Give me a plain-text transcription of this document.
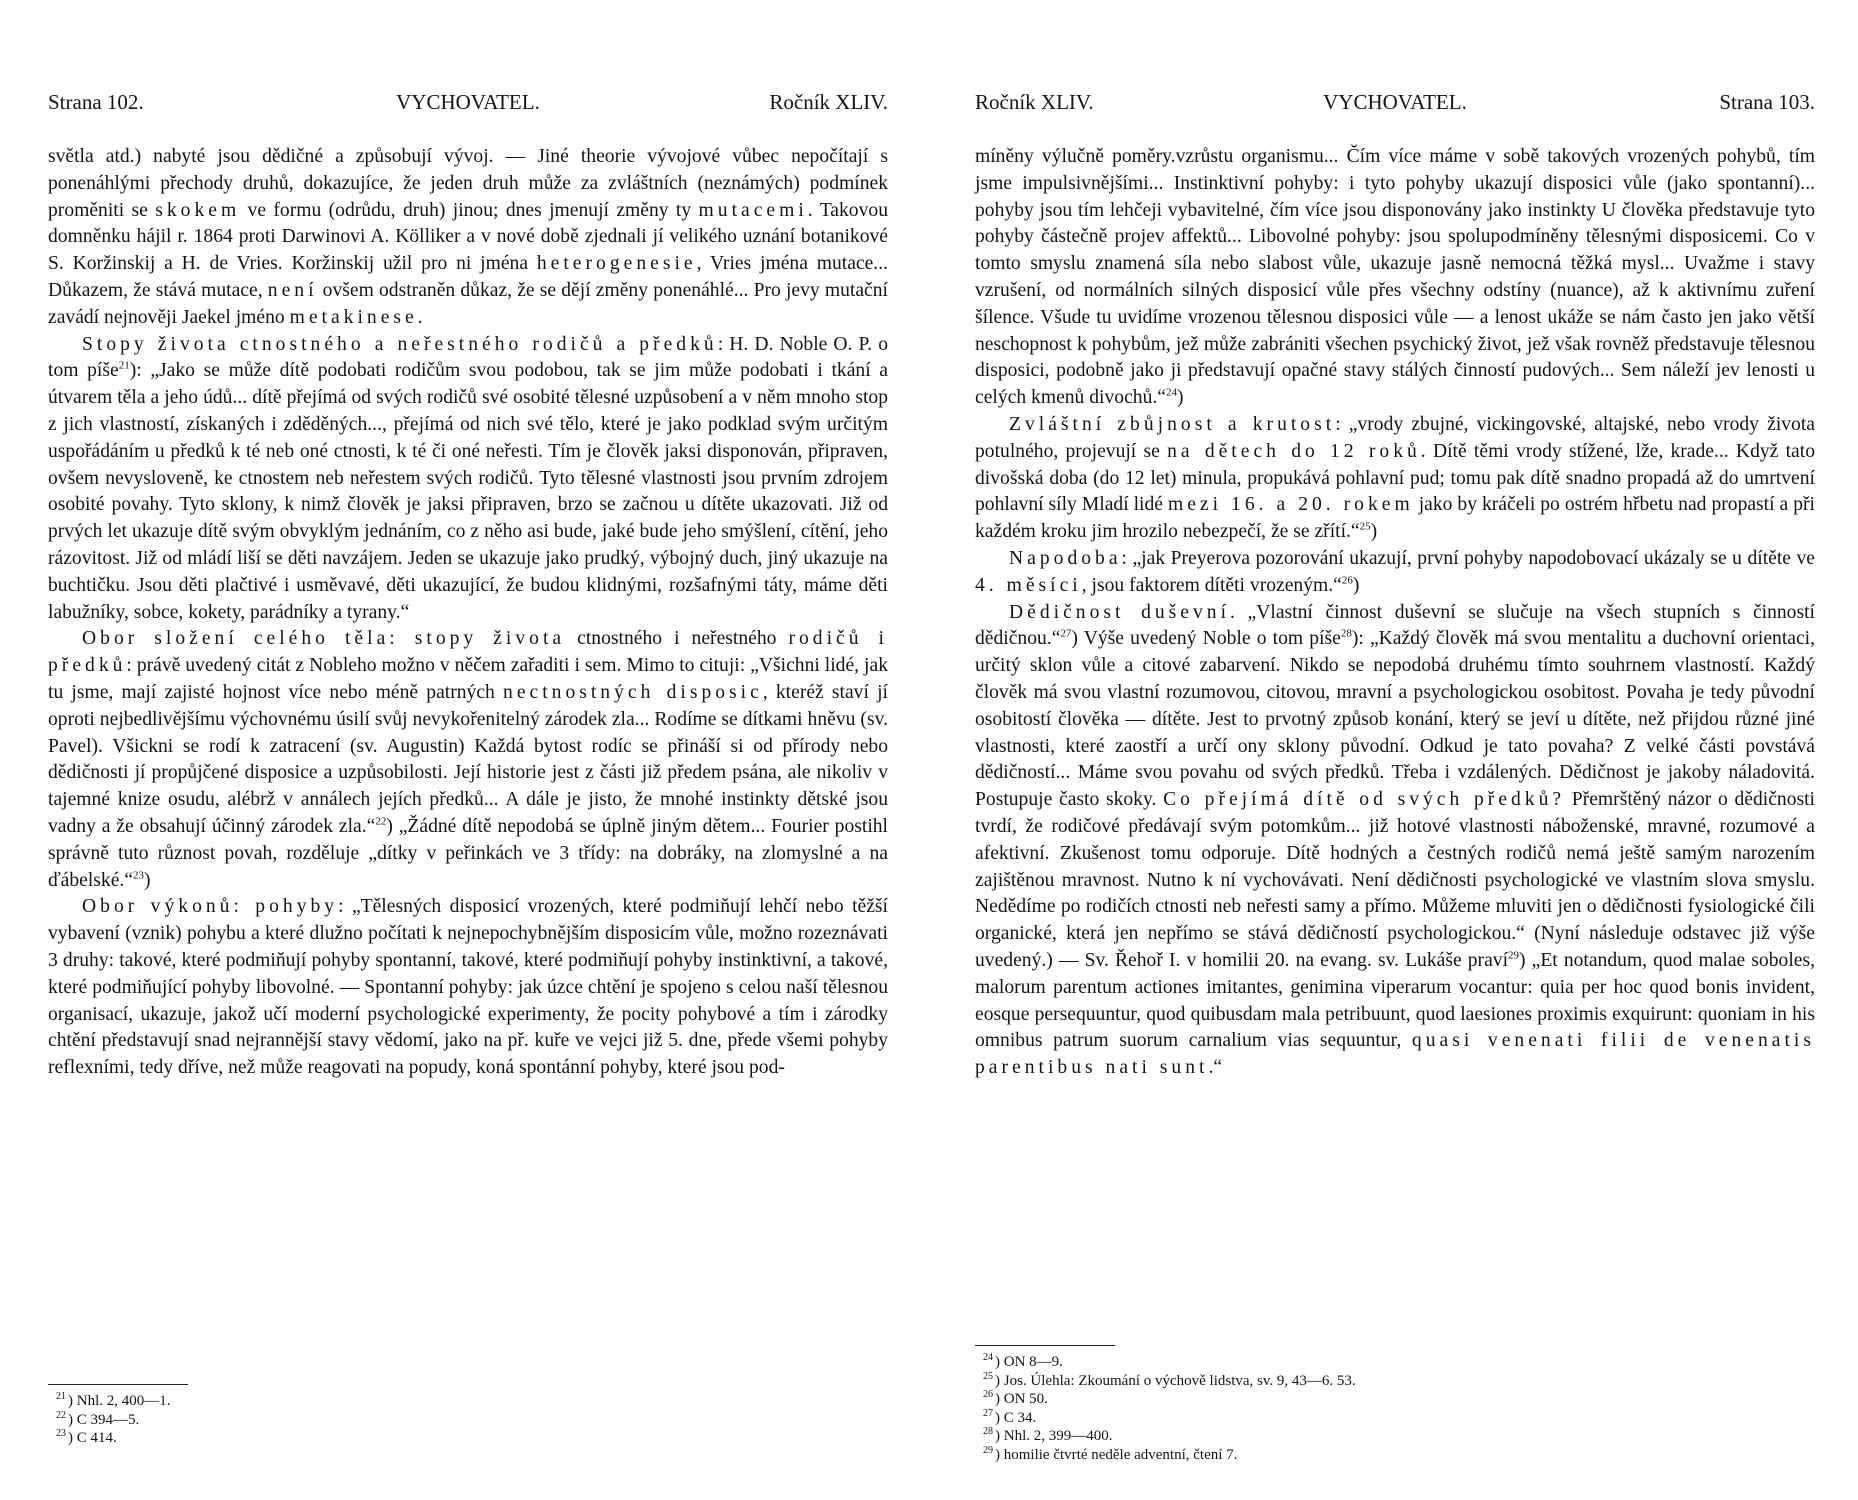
Strana 102.	VYCHOVATEL.	Ročník XLIV.

světla atd.) nabyté jsou dědičné a způsobují vývoj. — Jiné theorie vývojové vůbec nepočítají s ponenáhlými přechody druhů, dokazujíce, že jeden druh může za zvláštních (neznámých) podmínek proměniti se skokem ve formu (odrůdu, druh) jinou; dnes jmenují změny ty mutacemi. Takovou domněnku hájil r. 1864 proti Darwinovi A. Kölliker a v nové době zjednali jí velikého uznání botanikové S. Koržinskij a H. de Vries. Koržinskij užil pro ni jména heterogenesie, Vries jména mutace... Důkazem, že stává mutace, není ovšem odstraněn důkaz, že se dějí změny ponenáhlé... Pro jevy mutační zavádí nejnověji Jaekel jméno metakinese.

Stopy života ctnostného a neřestného rodičů a předků: H. D. Noble O. P. o tom píše$^{21}$): „Jako se může dítě podobati rodičům svou podobou, tak se jim může podobati i tkání a útvarem těla a jeho údů... dítě přejímá od svých rodičů své osobité tělesné uzpůsobení a v něm mnoho stop z jich vlastností, získaných i zděděných..., přejímá od nich své tělo, které je jako podklad svým určitým uspořádáním u předků k té neb oné ctnosti, k té či oné neřesti. Tím je člověk jaksi disponován, připraven, ovšem nevysloveně, ke ctnostem neb neřestem svých rodičů. Tyto tělesné vlastnosti jsou prvním zdrojem osobité povahy. Tyto sklony, k nimž člověk je jaksi připraven, brzo se začnou u dítěte ukazovati. Již od prvých let ukazuje dítě svým obvyklým jednáním, co z něho asi bude, jaké bude jeho smýšlení, cítění, jeho rázovitost. Již od mládí liší se děti navzájem. Jeden se ukazuje jako prudký, výbojný duch, jiný ukazuje na buchtičku. Jsou děti plačtivé i usměvavé, děti ukazující, že budou klidnými, rozšafnými táty, máme děti labužníky, sobce, kokety, parádníky a tyrany.“

Obor složení celého těla: stopy života ctnostného i neřestného rodičů i předků: právě uvedený citát z Nobleho možno v něčem zařaditi i sem. Mimo to cituji: „Všichni lidé, jak tu jsme, mají zajisté hojnost více nebo méně patrných nectnostných disposic, kteréž staví jí oproti nejbedlivějšímu výchovnému úsilí svůj nevykořenitelný zárodek zla... Rodíme se dítkami hněvu (sv. Pavel). Všickni se rodí k zatracení (sv. Augustin) Každá bytost rodíc se přináší si od přírody nebo dědičnosti jí propůjčené disposice a uzpůsobilosti. Její historie jest z části již předem psána, ale nikoliv v tajemné knize osudu, alébrž v annálech jejích předků... A dále je jisto, že mnohé instinkty dětské jsou vadny a že obsahují účinný zárodek zla.“$^{22}$) „Žádné dítě nepodobá se úplně jiným dětem... Fourier postihl správně tuto různost povah, rozděluje „dítky v peřinkách ve 3 třídy: na dobráky, na zlomyslné a na ďábelské.“$^{23}$)

Obor výkonů: pohyby: „Tělesných disposicí vrozených, které podmiňují lehčí nebo těžší vybavení (vznik) pohybu a které dlužno počítati k nejnepochybnějším disposicím vůle, možno rozeznávati 3 druhy: takové, které podmiňují pohyby spontanní, takové, které podmiňují pohyby instinktivní, a takové, které podmiňující pohyby libovolné. — Spontanní pohyby: jak úzce chtění je spojeno s celou naší tělesnou organisací, ukazuje, jakož učí moderní psychologické experimenty, že pocity pohybové a tím i zárodky chtění představují snad nejrannější stavy vědomí, jako na př. kuře ve vejci již 5. dne, přede všemi pohyby reflexními, tedy dříve, než může reagovati na popudy, koná spontánní pohyby, které jsou pod-

$^{21}$ ) Nhl. 2, 400—1.
$^{22}$ ) C 394—5.
$^{23}$ ) C 414.
Ročník XLIV.	VYCHOVATEL.	Strana 103.

míněny výlučně poměry.vzrůstu organismu... Čím více máme v sobě takových vrozených pohybů, tím jsme impulsivnějšími... Instinktivní pohyby: i tyto pohyby ukazují disposici vůle (jako spontanní)... pohyby jsou tím lehčeji vybavitelné, čím více jsou disponovány jako instinkty U člověka představuje tyto pohyby částečně projev affektů... Libovolné pohyby: jsou spolupodmíněny tělesnými disposicemi. Co v tomto smyslu znamená síla nebo slabost vůle, ukazuje jasně nemocná těžká mysl... Uvažme i stavy vzrušení, od normálních silných disposicí vůle přes všechny odstíny (nuance), až k aktivnímu zuření šílence. Všude tu uvidíme vrozenou tělesnou disposici vůle — a lenost ukáže se nám často jen jako větší neschopnost k pohybům, jež může zabrániti všechen psychický život, jež však rovněž představuje tělesnou disposici, podobně jako ji představují opačné stavy stálých činností pudových... Sem náleží jev lenosti u celých kmenů divochů.“$^{24}$)

Zvláštní zbůjnost a krutost: „vrody zbujné, vickingovské, altajské, nebo vrody života potulného, projevují se na dětech do 12 roků. Dítě těmi vrody stížené, lže, krade... Když tato divošská doba (do 12 let) minula, propukává pohlavní pud; tomu pak dítě snadno propadá až do umrtvení pohlavní síly Mladí lidé mezi 16. a 20. rokem jako by kráčeli po ostrém hřbetu nad propastí a při každém kroku jim hrozilo nebezpečí, že se zřítí.“$^{25}$)

Napodoba: „jak Preyerova pozorování ukazují, první pohyby napodobovací ukázaly se u dítěte ve 4. měsíci, jsou faktorem dítěti vrozeným.“$^{26}$)

Dědičnost duševní. „Vlastní činnost duševní se slučuje na všech stupních s činností dědičnou.“$^{27}$) Výše uvedený Noble o tom píše$^{28}$): „Každý člověk má svou mentalitu a duchovní orientaci, určitý sklon vůle a citové zabarvení. Nikdo se nepodobá druhému tímto souhrnem vlastností. Každý člověk má svou vlastní rozumovou, citovou, mravní a psychologickou osobitost. Povaha je tedy původní osobitostí člověka — dítěte. Jest to prvotný způsob konání, který se jeví u dítěte, než přijdou různé jiné vlastnosti, které zaostří a určí ony sklony původní. Odkud je tato povaha? Z velké části povstává dědičností... Máme svou povahu od svých předků. Třeba i vzdálených. Dědičnost je jakoby náladovitá. Postupuje často skoky. Co přejímá dítě od svých předků? Přemrštěný názor o dědičnosti tvrdí, že rodičové předávají svým potomkům... již hotové vlastnosti náboženské, mravné, rozumové a afektivní. Zkušenost tomu odporuje. Dítě hodných a čestných rodičů nemá ještě samým narozením zajištěnou mravnost. Nutno k ní vychovávati. Není dědičnosti psychologické ve vlastním slova smyslu. Nedědíme po rodičích ctnosti neb neřesti samy a přímo. Můžeme mluviti jen o dědičnosti fysiologické čili organické, která jen nepřímo se stává dědičností psychologickou.“ (Nyní následuje odstavec již výše uvedený.) — Sv. Řehoř I. v homilii 20. na evang. sv. Lukáše praví$^{29}$) „Et notandum, quod malae soboles, malorum parentum actiones imitantes, genimina viperarum vocantur: quia per hoc quod bonis invident, eosque persequuntur, quod quibusdam mala petribuunt, quod laesiones proximis exquirunt: quoniam in his omnibus patrum suorum carnalium vias sequuntur, quasi venenati filii de venenatis parentibus nati sunt.“

$^{24}$ ) ON 8—9.
$^{25}$ ) Jos. Úlehla: Zkoumání o výchově lidstva, sv. 9, 43—6. 53.
$^{26}$ ) ON 50.
$^{27}$ ) C 34.
$^{28}$ ) Nhl. 2, 399—400.
$^{29}$ ) homilie čtvrté neděle adventní, čtení 7.
